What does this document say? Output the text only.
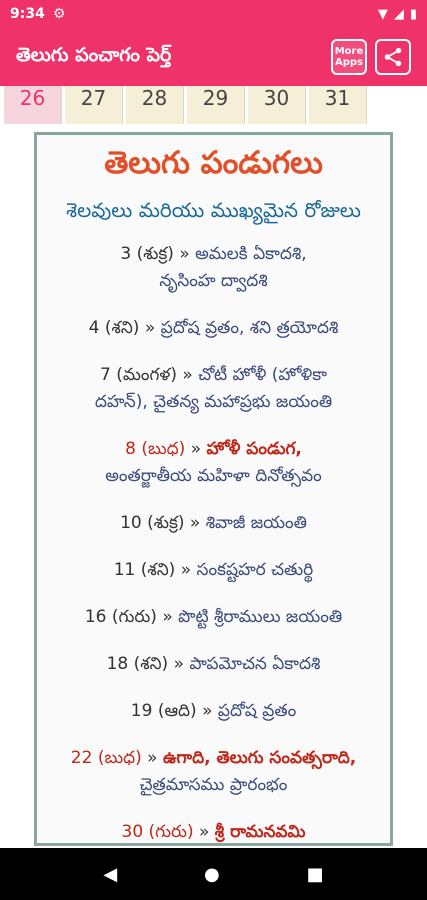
9:34 ⚙	▼ ◢ ▮
తెలుగు పంచాగం పెర్త్	More
Apps
26	27	28	29	30	31
తెలుగు పండుగలు
శెలవులు మరియు ముఖ్యమైన రోజులు
3 (శుక్ర) » అమలకి ఏకాదశి,
నృసింహ ద్వాదశి
4 (శని) » ప్రదోష వ్రతం, శని త్రయోదశి
7 (మంగళ) » చోటీ హోళీ (హోళికా
దహన్), చైతన్య మహాప్రభు జయంతి
8 (బుధ) » హోళీ పండుగ,
అంతర్జాతీయ మహిళా దినోత్సవం
10 (శుక్ర) » శివాజీ జయంతి
11 (శని) » సంకష్టహర చతుర్థి
16 (గురు) » పొట్టి శ్రీరాములు జయంతి
18 (శని) » పాపమోచన ఏకాదశి
19 (ఆది) » ప్రదోష వ్రతం
22 (బుధ) » ఉగాది, తెలుగు సంవత్సరాది,
చైత్రమాసము ప్రారంభం
30 (గురు) » శ్రీ రామనవమి
◀	●	■
